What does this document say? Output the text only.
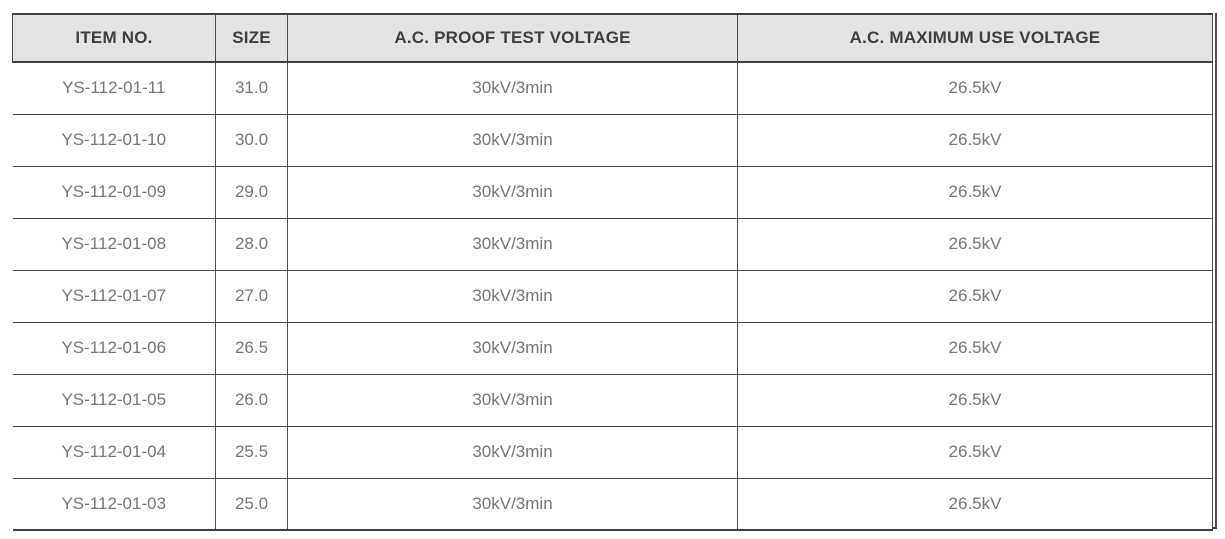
ITEM NO.	SIZE	A.C. PROOF TEST VOLTAGE	A.C. MAXIMUM USE VOLTAGE
YS-112-01-11	31.0	30kV/3min	26.5kV
YS-112-01-10	30.0	30kV/3min	26.5kV
YS-112-01-09	29.0	30kV/3min	26.5kV
YS-112-01-08	28.0	30kV/3min	26.5kV
YS-112-01-07	27.0	30kV/3min	26.5kV
YS-112-01-06	26.5	30kV/3min	26.5kV
YS-112-01-05	26.0	30kV/3min	26.5kV
YS-112-01-04	25.5	30kV/3min	26.5kV
YS-112-01-03	25.0	30kV/3min	26.5kV
